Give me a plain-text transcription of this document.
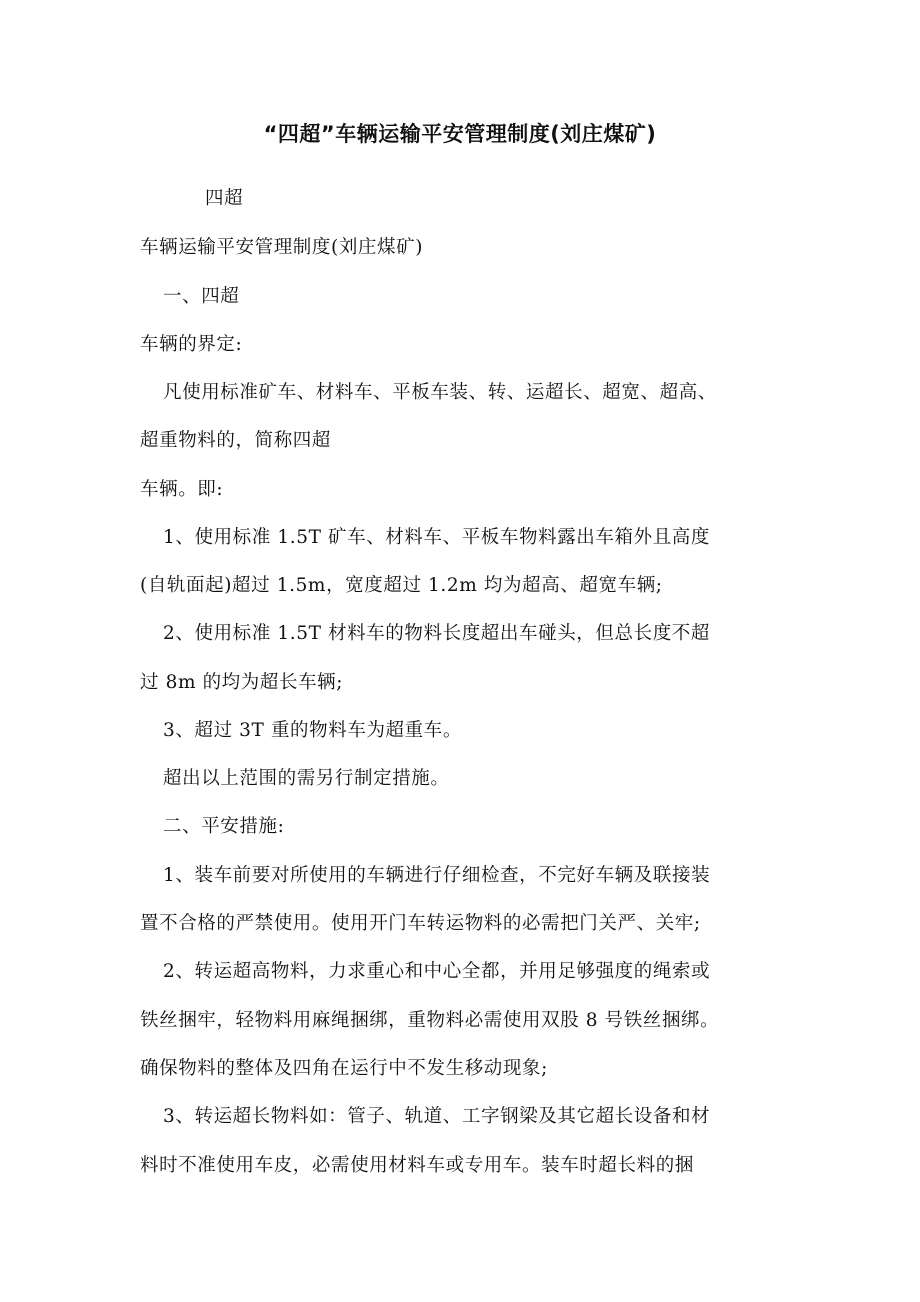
“四超”车辆运输平安管理制度(刘庄煤矿)
四超
车辆运输平安管理制度(刘庄煤矿)
一、四超
车辆的界定:
凡使用标准矿车、材料车、平板车装、转、运超长、超宽、超高、
超重物料的，简称四超
车辆。即:
1、使用标准 1.5T 矿车、材料车、平板车物料露出车箱外且高度
(自轨面起)超过 1.5m，宽度超过 1.2m 均为超高、超宽车辆;
2、使用标准 1.5T 材料车的物料长度超出车碰头，但总长度不超
过 8m 的均为超长车辆;
3、超过 3T 重的物料车为超重车。
超出以上范围的需另行制定措施。
二、平安措施:
1、装车前要对所使用的车辆进行仔细检查，不完好车辆及联接装
置不合格的严禁使用。使用开门车转运物料的必需把门关严、关牢;
2、转运超高物料，力求重心和中心全都，并用足够强度的绳索或
铁丝捆牢，轻物料用麻绳捆绑，重物料必需使用双股 8 号铁丝捆绑。
确保物料的整体及四角在运行中不发生移动现象;
3、转运超长物料如：管子、轨道、工字钢梁及其它超长设备和材
料时不准使用车皮，必需使用材料车或专用车。装车时超长料的捆
